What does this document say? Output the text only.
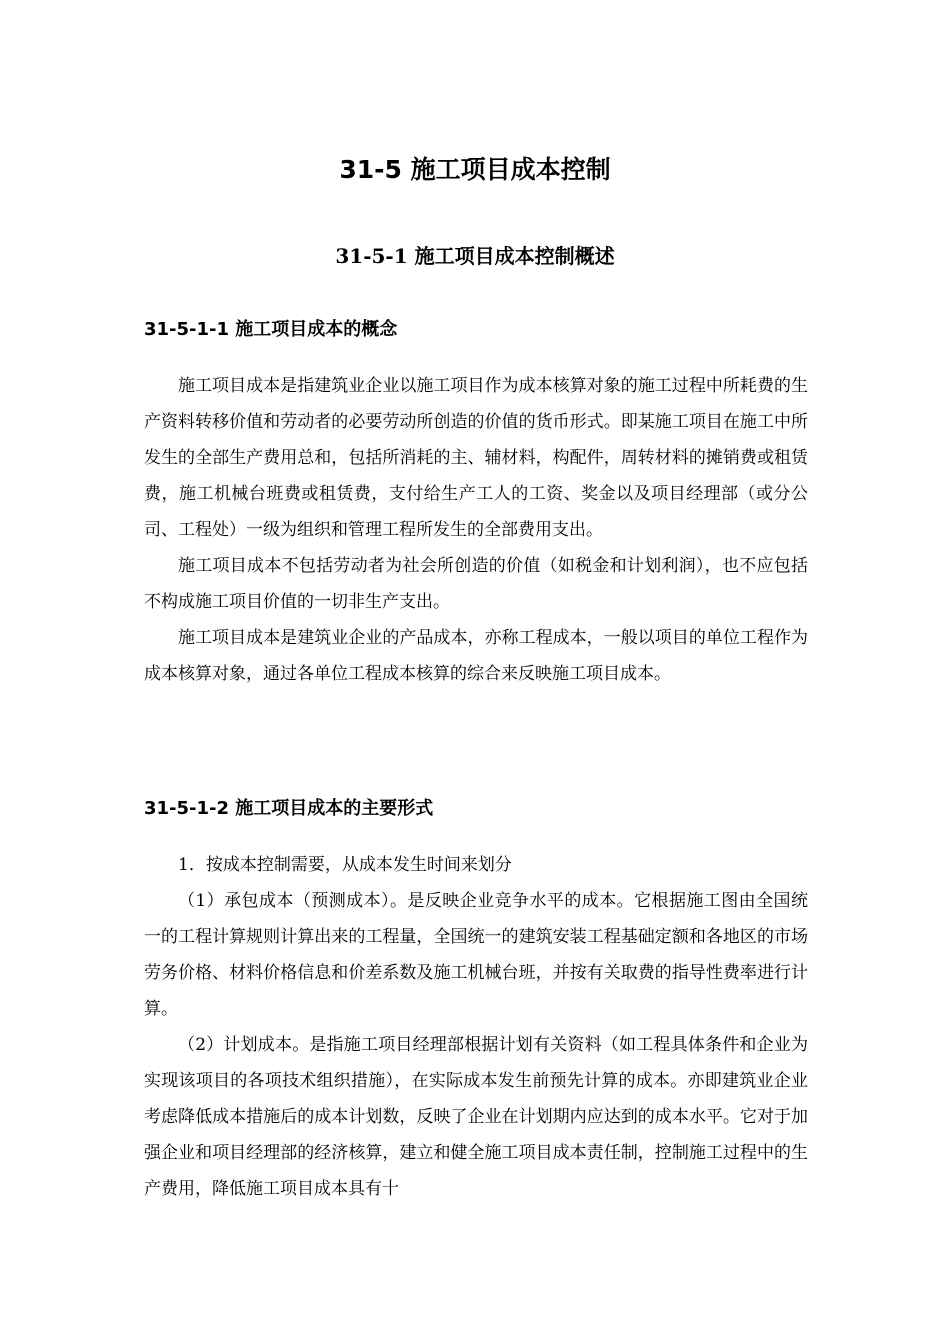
31-5 施工项目成本控制
31-5-1 施工项目成本控制概述
31-5-1-1 施工项目成本的概念

施工项目成本是指建筑业企业以施工项目作为成本核算对象的施工过程中所耗费的生产资料转移价值和劳动者的必要劳动所创造的价值的货币形式。即某施工项目在施工中所发生的全部生产费用总和，包括所消耗的主、辅材料，构配件，周转材料的摊销费或租赁费，施工机械台班费或租赁费，支付给生产工人的工资、奖金以及项目经理部（或分公司、工程处）一级为组织和管理工程所发生的全部费用支出。

施工项目成本不包括劳动者为社会所创造的价值（如税金和计划利润），也不应包括不构成施工项目价值的一切非生产支出。

施工项目成本是建筑业企业的产品成本，亦称工程成本，一般以项目的单位工程作为成本核算对象，通过各单位工程成本核算的综合来反映施工项目成本。

31-5-1-2 施工项目成本的主要形式

1．按成本控制需要，从成本发生时间来划分

（1）承包成本（预测成本）。是反映企业竞争水平的成本。它根据施工图由全国统一的工程计算规则计算出来的工程量，全国统一的建筑安装工程基础定额和各地区的市场劳务价格、材料价格信息和价差系数及施工机械台班，并按有关取费的指导性费率进行计算。

（2）计划成本。是指施工项目经理部根据计划有关资料（如工程具体条件和企业为实现该项目的各项技术组织措施），在实际成本发生前预先计算的成本。亦即建筑业企业考虑降低成本措施后的成本计划数，反映了企业在计划期内应达到的成本水平。它对于加强企业和项目经理部的经济核算，建立和健全施工项目成本责任制，控制施工过程中的生产费用，降低施工项目成本具有十
